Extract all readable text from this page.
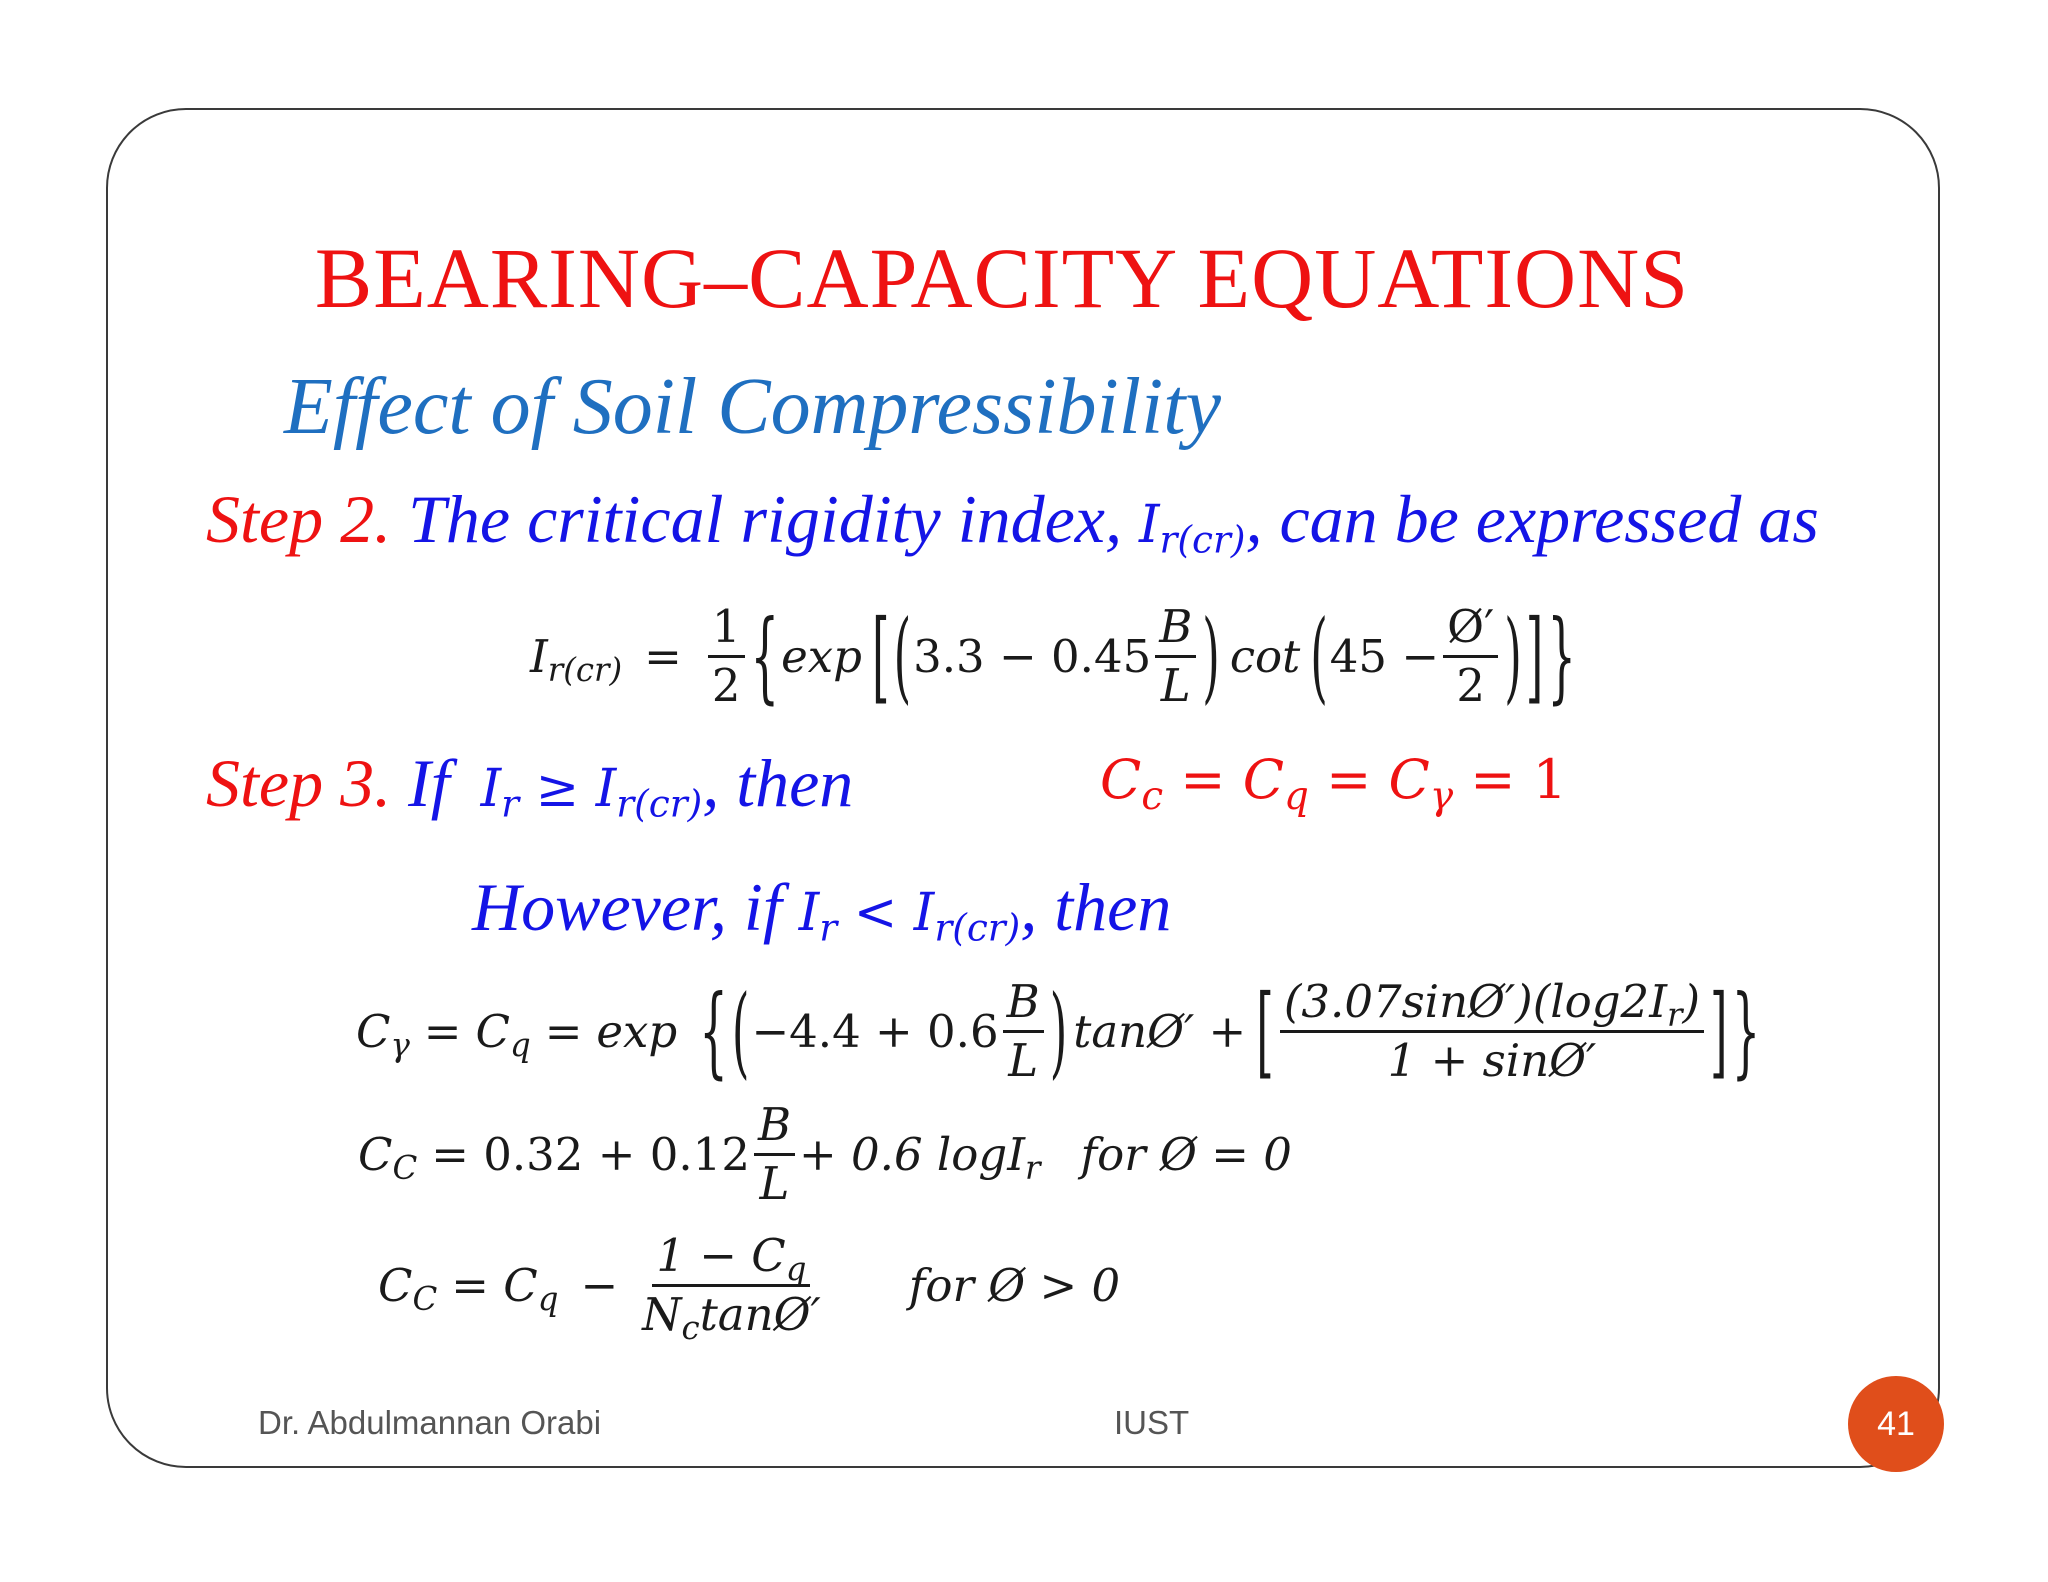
BEARING–CAPACITY EQUATIONS
Effect of Soil Compressibility
Step 2. The critical rigidity index, $I_{r(cr)}$, can be expressed as
$I_{r(cr)} = \frac{1}{2}$ { exp [ ( $3.3 - 0.45 \frac{B}{L}$ ) cot ( $45 - \frac{Ø'}{2}$ ) ] }
Step 3. If $I_r \ge I_{r(cr)}$, then	$C_c = C_q = C_\gamma = 1$
However, if $I_r < I_{r(cr)}$, then
$C_\gamma = C_q = \exp$ { ( $-4.4 + 0.6 \frac{B}{L}$ ) tanØ′ + [ $\frac{(3.07\sin Ø')(\log 2I_r)}{1 + \sin Ø'}$ ] }
$C_C = 0.32 + 0.12 \frac{B}{L} + 0.6$ logI$_r$ for Ø = 0
$C_C = C_q - \frac{1 - C_q}{N_c\tan Ø'}$ for Ø > 0
Dr. Abdulmannan Orabi	IUST	41
